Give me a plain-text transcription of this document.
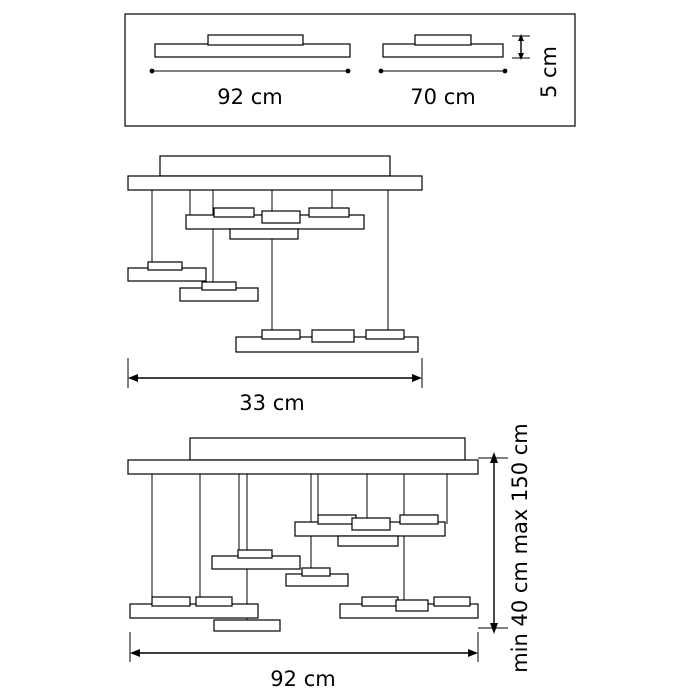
92 cm	70 cm	5 cm
33 cm
92 cm
min 40 cm max 150 cm
